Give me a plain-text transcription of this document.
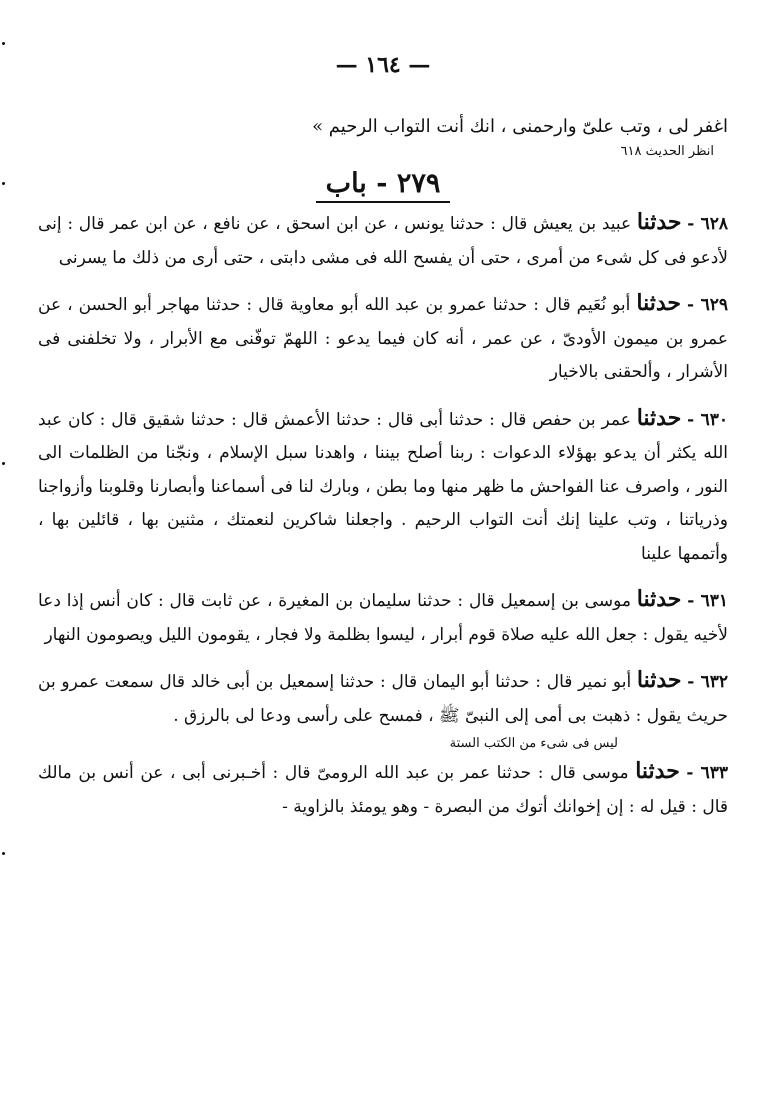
— ١٦٤ —

اغفر لى ، وتب علىّ وارحمنى ، انك أنت التواب الرحيم »

انظر الحديث ٦١٨

٢٧٩ - باب

٦٢٨ - حدثنا عبيد بن يعيش قال : حدثنا يونس ، عن ابن اسحق ، عن نافع ، عن ابن عمر قال : إنى لأدعو فى كل شىء من أمرى ، حتى أن يفسح الله فى مشى دابتى ، حتى أرى من ذلك ما يسرنى

٦٢٩ - حدثنا أبو نُعَيم قال : حدثنا عمرو بن عبد الله أبو معاوية قال : حدثنا مهاجر أبو الحسن ، عن عمرو بن ميمون الأودىّ ، عن عمر ، أنه كان فيما يدعو : اللهمّ توفّنى مع الأبرار ، ولا تخلفنى فى الأشرار ، وألحقنى بالاخيار

٦٣٠ - حدثنا عمر بن حفص قال : حدثنا أبى قال : حدثنا الأعمش قال : حدثنا شقيق قال : كان عبد الله يكثر أن يدعو بهؤلاء الدعوات : ربنا أصلح بيننا ، واهدنا سبل الإسلام ، ونجّنا من الظلمات الى النور ، واصرف عنا الفواحش ما ظهر منها وما بطن ، وبارك لنا فى أسماعنا وأبصارنا وقلوبنا وأزواجنا وذرياتنا ، وتب علينا إنك أنت التواب الرحيم . واجعلنا شاكرين لنعمتك ، مثنين بها ، قائلين بها ، وأتممها علينا

٦٣١ - حدثنا موسى بن إسمعيل قال : حدثنا سليمان بن المغيرة ، عن ثابت قال : كان أنس إذا دعا لأخيه يقول : جعل الله عليه صلاة قوم أبرار ، ليسوا بظلمة ولا فجار ، يقومون الليل ويصومون النهار

٦٣٢ - حدثنا أبو نمير قال : حدثنا أبو اليمان قال : حدثنا إسمعيل بن أبى خالد قال سمعت عمرو بن حريث يقول : ذهبت بى أمى إلى النبىّ ﷺ ، فمسح على رأسى ودعا لى بالرزق .

ليس فى شىء من الكتب الستة

٦٣٣ - حدثنا موسى قال : حدثنا عمر بن عبد الله الرومىّ قال : أخـبرنى أبى ، عن أنس بن مالك قال : قيل له : إن إخوانك أتوك من البصرة - وهو يومئذ بالزاوية -
